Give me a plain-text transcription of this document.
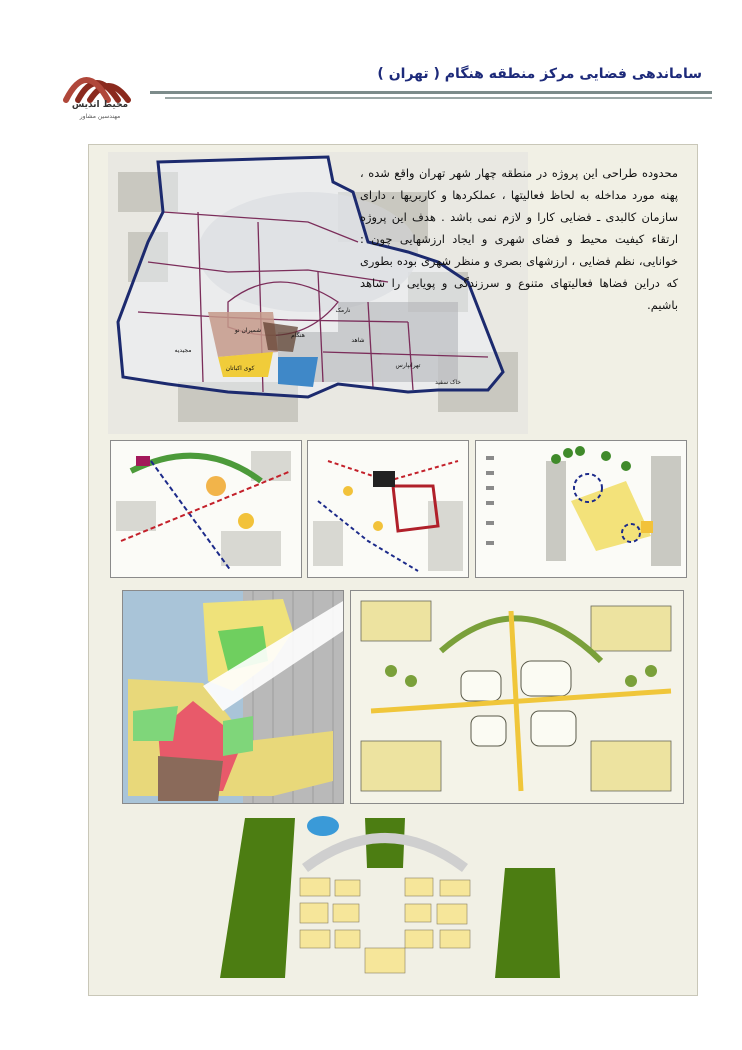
محیط اندیش
مهندسین مشاور
ساماندهی فضایی مرکز منطقه هنگام ( تهران )
نارمک
کوی اکباتان
شمیران نو
هنگام
تهرانپارس
شاهد
مجیدیه
خاک سفید
محدوده طراحی این پروژه در منطقه چهار شهر تهران واقع شده ، پهنه مورد مداخله به لحاظ فعالیتها ، عملکردها و کاربریها ، دارای سازمان کالبدی ـ فضایی کارا و لازم نمی باشد . هدف این پروژه ارتقاء کیفیت محیط و فضای شهری و ایجاد ارزشهایی چون : خوانایی، نظم فضایی ، ارزشهای بصری و منظر شهری بوده بطوری که دراین فضاها فعالیتهای متنوع و سرزندگی و پویایی را شاهد باشیم.
